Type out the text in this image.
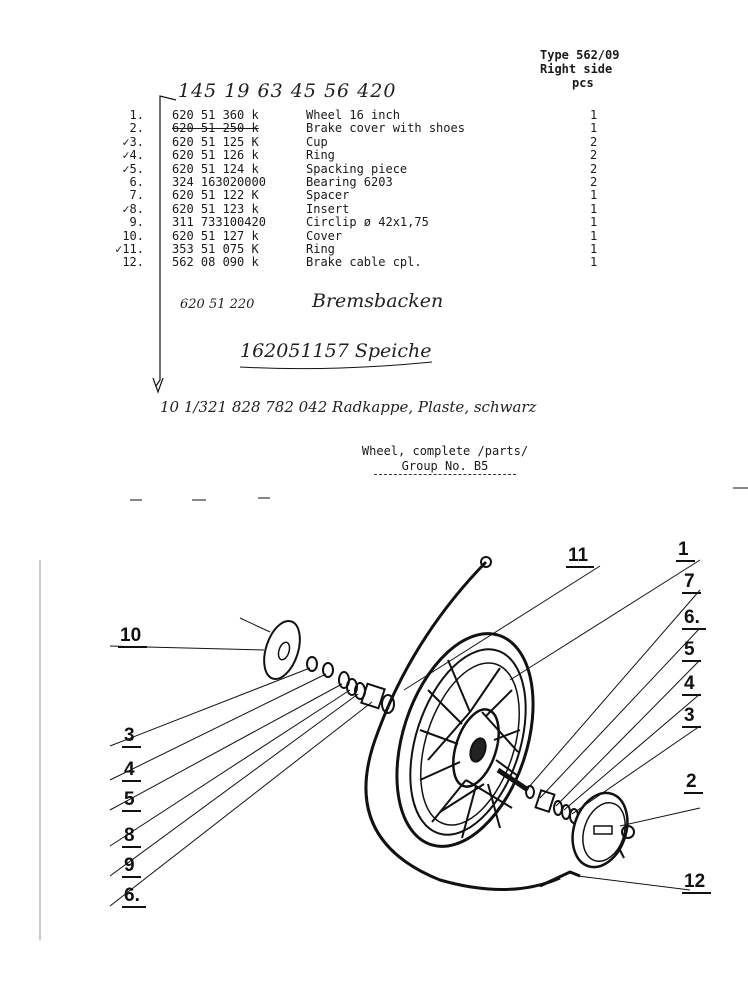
Type 562/09
Right side
pcs
145 19 63 45 56 420
1. 620 51 360 k	Wheel 16 inch	1
2. 620 51 250 k	Brake cover with shoes	1
✓3. 620 51 125 K	Cup	2
✓4. 620 51 126 k	Ring	2
✓5. 620 51 124 k	Spacking piece	2
6. 324 163020000	Bearing 6203	2
7. 620 51 122 K	Spacer	1
✓8. 620 51 123 k	Insert	1
9. 311 733100420	Circlip ø 42x1,75	1
10. 620 51 127 k	Cover	1
✓11. 353 51 075 K	Ring	1
12. 562 08 090 k	Brake cable cpl.	1
620 51 220	Bremsbacken
162051157 Speiche
10 1/321 828 782 042 Radkappe, Plaste, schwarz
Wheel, complete /parts/
Group No. B5
10
3
4
5
8
9
6.
11	1
7
6.
5
4
3
2
12
